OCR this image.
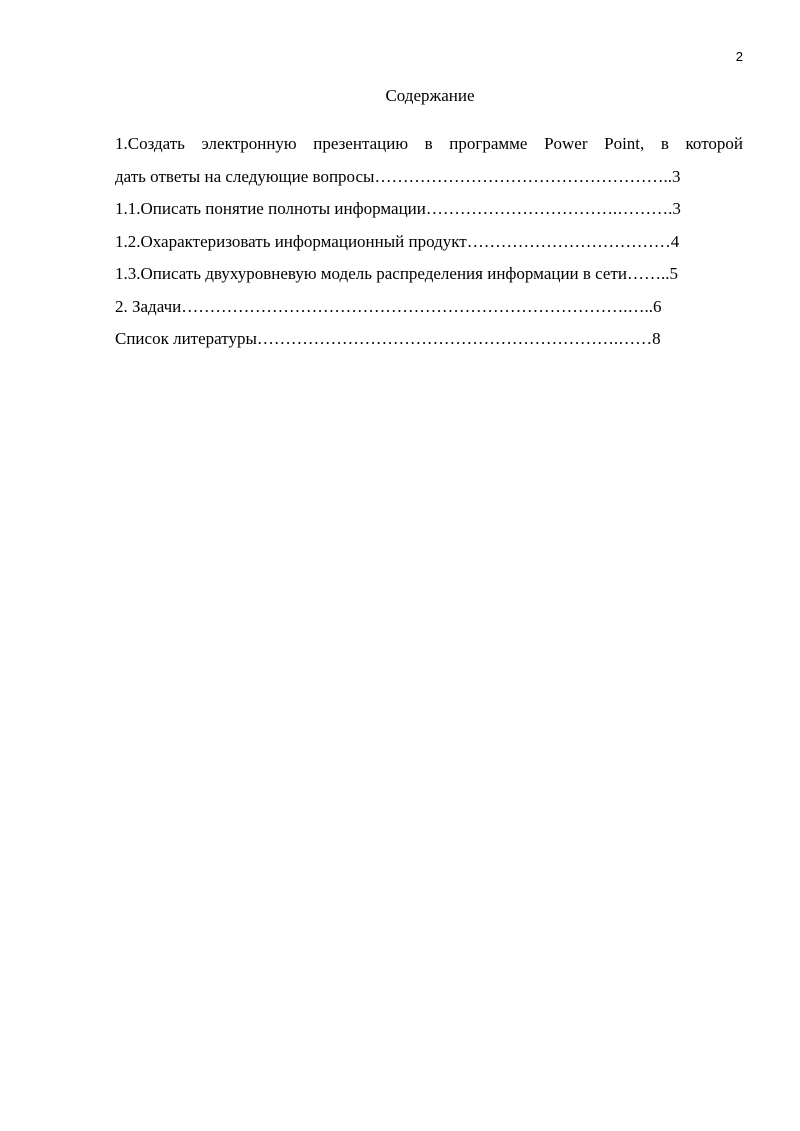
2
Содержание
1.Создать электронную презентацию в программе Power Point, в которой
дать ответы на следующие вопросы……………………………………………..3
1.1.Описать понятие полноты информации…………………………….……….3
1.2.Охарактеризовать информационный продукт………………………………4
1.3.Описать двухуровневую модель распределения информации в сети……..5
2. Задачи…………………………………………………………………….…..6
Список литературы……………………………………………………….……8
